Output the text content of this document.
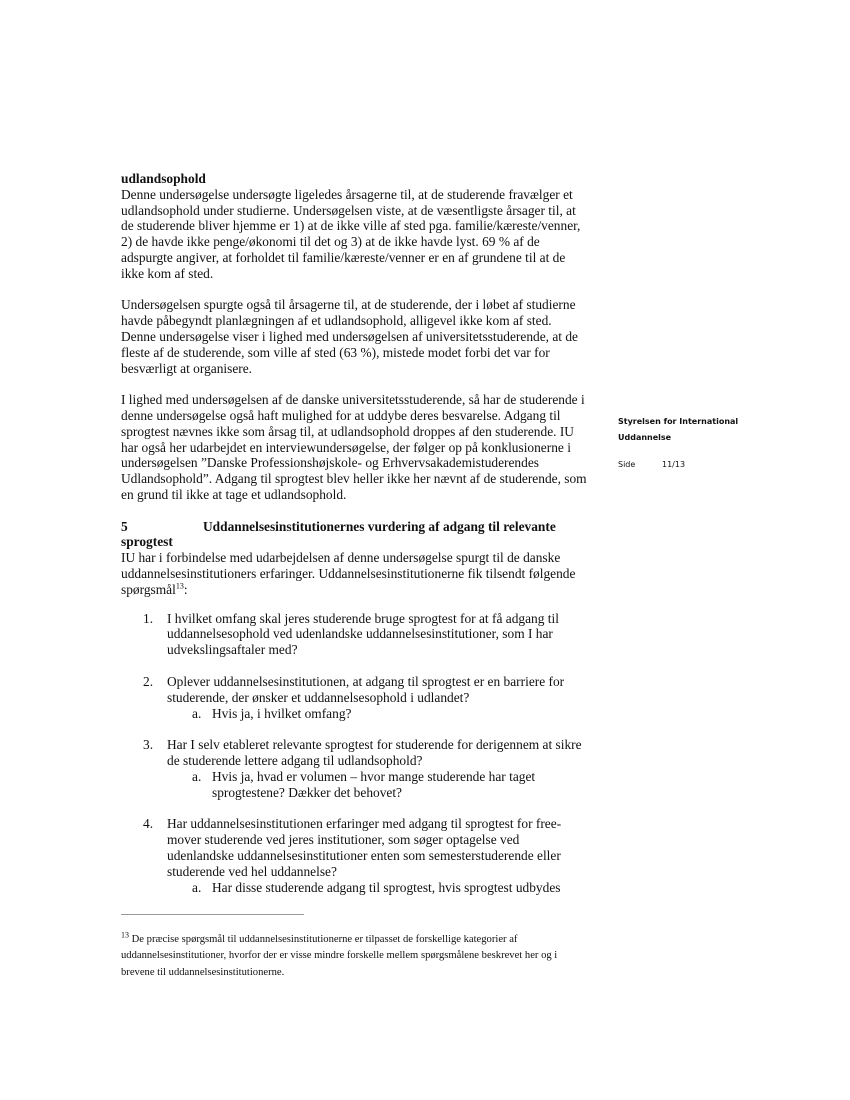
udlandsophold

Denne undersøgelse undersøgte ligeledes årsagerne til, at de studerende fravælger et udlandsophold under studierne. Undersøgelsen viste, at de væsentligste årsager til, at de studerende bliver hjemme er 1) at de ikke ville af sted pga. familie/kæreste/venner, 2) de havde ikke penge/økonomi til det og 3) at de ikke havde lyst. 69 % af de adspurgte angiver, at forholdet til familie/kæreste/venner er en af grundene til at de ikke kom af sted.

Undersøgelsen spurgte også til årsagerne til, at de studerende, der i løbet af studierne havde påbegyndt planlægningen af et udlandsophold, alligevel ikke kom af sted. Denne undersøgelse viser i lighed med undersøgelsen af universitetsstuderende, at de fleste af de studerende, som ville af sted (63 %), mistede modet forbi det var for besværligt at organisere.

I lighed med undersøgelsen af de danske universitetsstuderende, så har de studerende i denne undersøgelse også haft mulighed for at uddybe deres besvarelse. Adgang til sprogtest nævnes ikke som årsag til, at udlandsophold droppes af den studerende. IU har også her udarbejdet en interviewundersøgelse, der følger op på konklusionerne i undersøgelsen ”Danske Professionshøjskole- og Erhvervsakademistuderendes Udlandsophold”. Adgang til sprogtest blev heller ikke her nævnt af de studerende, som en grund til ikke at tage et udlandsophold.

5	Uddannelsesinstitutionernes vurdering af adgang til relevante
sprogtest

IU har i forbindelse med udarbejdelsen af denne undersøgelse spurgt til de danske uddannelsesinstitutioners erfaringer. Uddannelsesinstitutionerne fik tilsendt følgende spørgsmål$^{13}$:

1. I hvilket omfang skal jeres studerende bruge sprogtest for at få adgang til uddannelsesophold ved udenlandske uddannelsesinstitutioner, som I har udvekslingsaftaler med?
2. Oplever uddannelsesinstitutionen, at adgang til sprogtest er en barriere for studerende, der ønsker et uddannelsesophold i udlandet?
a. Hvis ja, i hvilket omfang?
3. Har I selv etableret relevante sprogtest for studerende for derigennem at sikre de studerende lettere adgang til udlandsophold?
a. Hvis ja, hvad er volumen – hvor mange studerende har taget sprogtestene? Dækker det behovet?
4. Har uddannelsesinstitutionen erfaringer med adgang til sprogtest for free-mover studerende ved jeres institutioner, som søger optagelse ved udenlandske uddannelsesinstitutioner enten som semesterstuderende eller studerende ved hel uddannelse?
a. Har disse studerende adgang til sprogtest, hvis sprogtest udbydes

$^{13}$ De præcise spørgsmål til uddannelsesinstitutionerne er tilpasset de forskellige kategorier af uddannelsesinstitutioner, hvorfor der er visse mindre forskelle mellem spørgsmålene beskrevet her og i brevene til uddannelsesinstitutionerne.

Styrelsen for International
Uddannelse
Side	11/13
